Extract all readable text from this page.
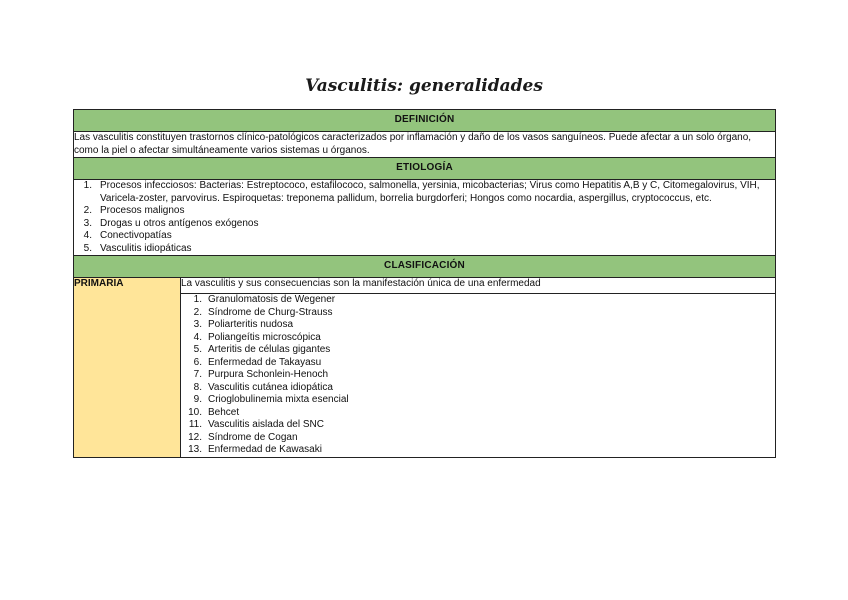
Vasculitis: generalidades
DEFINICIÓN
Las vasculitis constituyen trastornos clínico-patológicos caracterizados por inflamación y daño de los vasos sanguíneos. Puede afectar a un solo órgano, como la piel o afectar simultáneamente varios sistemas u órganos.
ETIOLOGÍA

1. Procesos infecciosos: Bacterias: Estreptococo, estafilococo, salmonella, yersinia, micobacterias; Virus como Hepatitis A,B y C, Citomegalovirus, VIH, Varicela-zoster, parvovirus. Espiroquetas: treponema pallidum, borrelia burgdorferi; Hongos como nocardia, aspergillus, cryptococcus, etc.
2. Procesos malignos
3. Drogas u otros antígenos exógenos
4. Conectivopatías
5. Vasculitis idiopáticas

CLASIFICACIÓN
PRIMARIA	La vasculitis y sus consecuencias son la manifestación única de una enfermedad

1. Granulomatosis de Wegener
2. Síndrome de Churg-Strauss
3. Poliarteritis nudosa
4. Poliangeítis microscópica
5. Arteritis de células gigantes
6. Enfermedad de Takayasu
7. Purpura Schonlein-Henoch
8. Vasculitis cutánea idiopática
9. Crioglobulinemia mixta esencial
10. Behcet
11. Vasculitis aislada del SNC
12. Síndrome de Cogan
13. Enfermedad de Kawasaki
